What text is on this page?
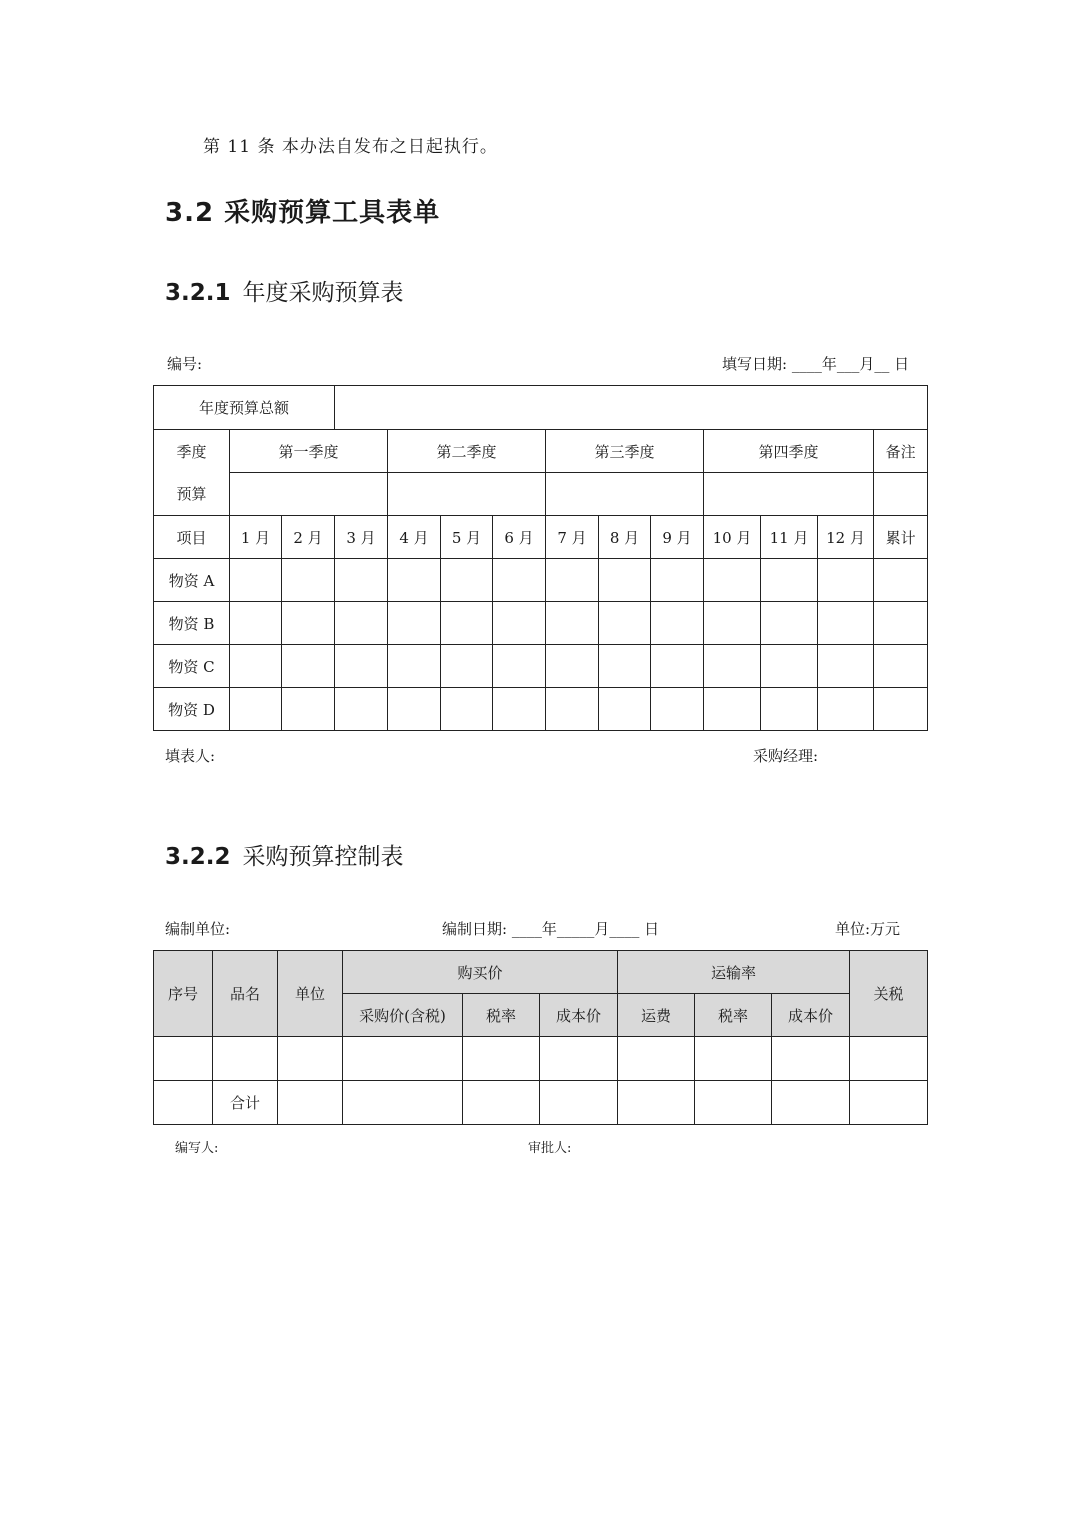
第 11 条 本办法自发布之日起执行。
3.2 采购预算工具表单
3.2.1 年度采购预算表
编号:	填写日期: ____年___月__ 日
年度预算总额													
季度	第一季度			第二季度			第三季度			第四季度			备注
预算													
项目	1 月	2 月	3 月	4 月	5 月	6 月	7 月	8 月	9 月	10 月	11 月	12 月	累计
物资 A													
物资 B													
物资 C													
物资 D													
填表人:	采购经理:
3.2.2 采购预算控制表
编制单位:	编制日期: ____年_____月____ 日	单位:万元
序号	品名	单位	购买价			运输率			关税
			采购价(含税)	税率	成本价	运费	税率	成本价	

	合计								
编写人:	审批人:
